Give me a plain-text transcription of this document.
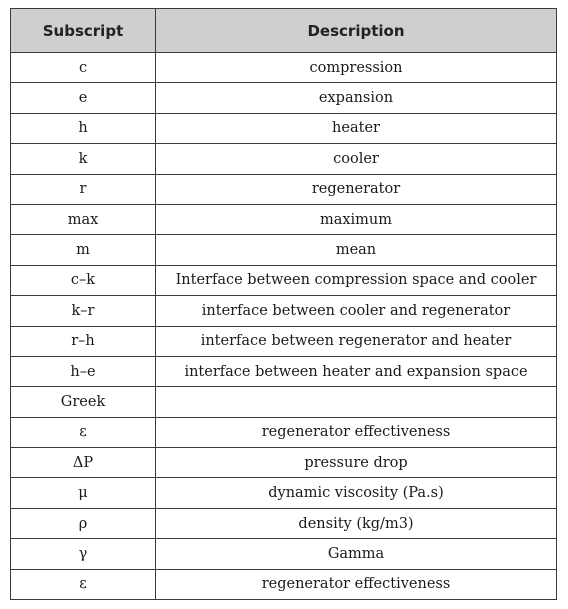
Subscript	Description
c	compression
e	expansion
h	heater
k	cooler
r	regenerator
max	maximum
m	mean
c–k	Interface between compression space and cooler
k–r	interface between cooler and regenerator
r–h	interface between regenerator and heater
h–e	interface between heater and expansion space
Greek	
ε	regenerator effectiveness
ΔP	pressure drop
μ	dynamic viscosity (Pa.s)
ρ	density (kg/m3)
γ	Gamma
ε	regenerator effectiveness
